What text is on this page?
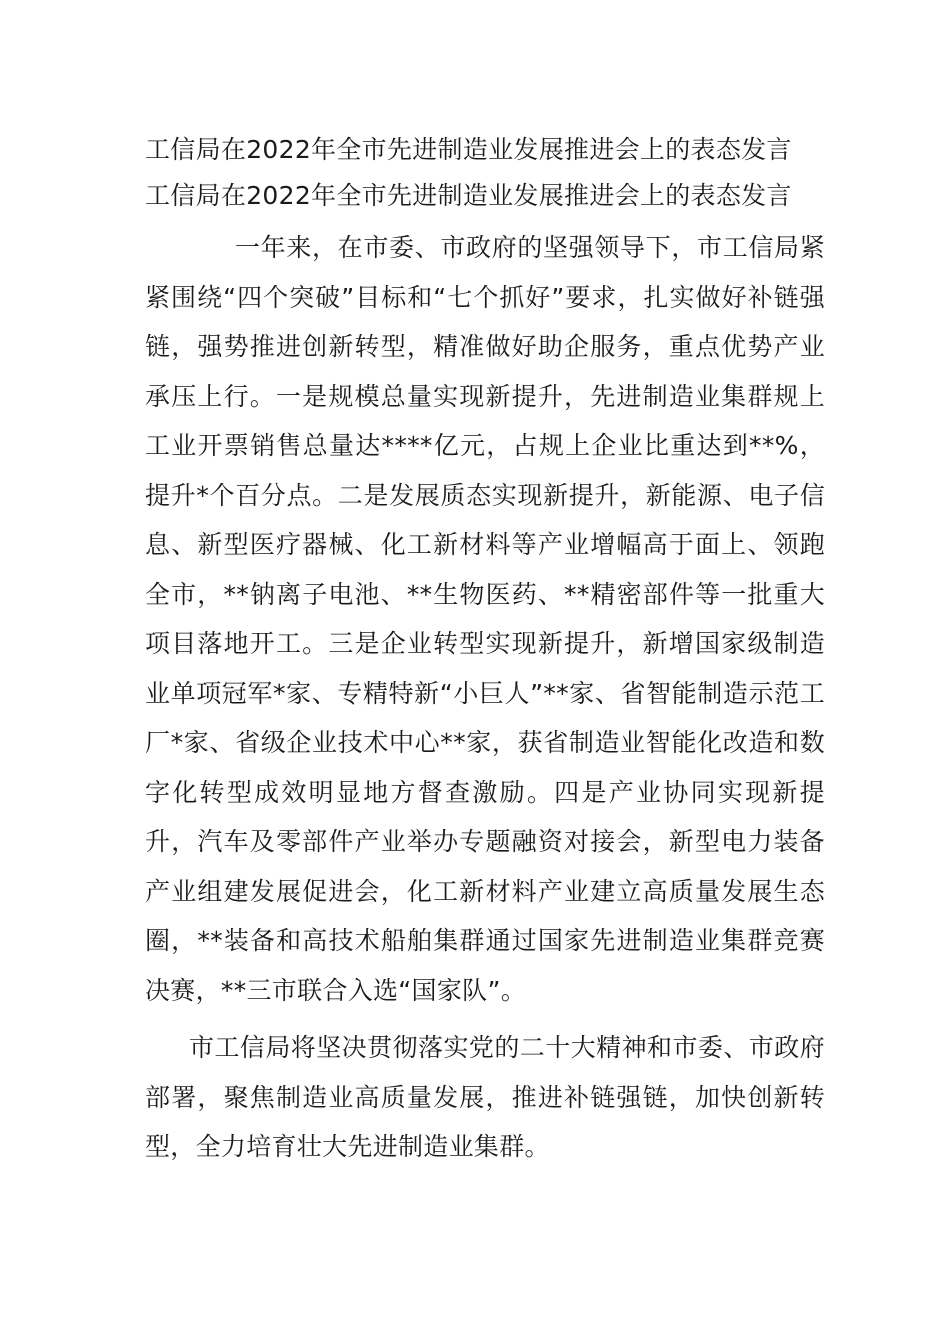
工信局在2022年全市先进制造业发展推进会上的表态发言

工信局在2022年全市先进制造业发展推进会上的表态发言

一年来，在市委、市政府的坚强领导下，市工信局紧紧围绕“四个突破”目标和“七个抓好”要求，扎实做好补链强链，强势推进创新转型，精准做好助企服务，重点优势产业承压上行。一是规模总量实现新提升，先进制造业集群规上工业开票销售总量达****亿元，占规上企业比重达到**%，提升*个百分点。二是发展质态实现新提升，新能源、电子信息、新型医疗器械、化工新材料等产业增幅高于面上、领跑全市，**钠离子电池、**生物医药、**精密部件等一批重大项目落地开工。三是企业转型实现新提升，新增国家级制造业单项冠军*家、专精特新“小巨人”**家、省智能制造示范工厂*家、省级企业技术中心**家，获省制造业智能化改造和数字化转型成效明显地方督查激励。四是产业协同实现新提升，汽车及零部件产业举办专题融资对接会，新型电力装备产业组建发展促进会，化工新材料产业建立高质量发展生态圈，**装备和高技术船舶集群通过国家先进制造业集群竞赛决赛，**三市联合入选“国家队”。

市工信局将坚决贯彻落实党的二十大精神和市委、市政府部署，聚焦制造业高质量发展，推进补链强链，加快创新转型，全力培育壮大先进制造业集群。
